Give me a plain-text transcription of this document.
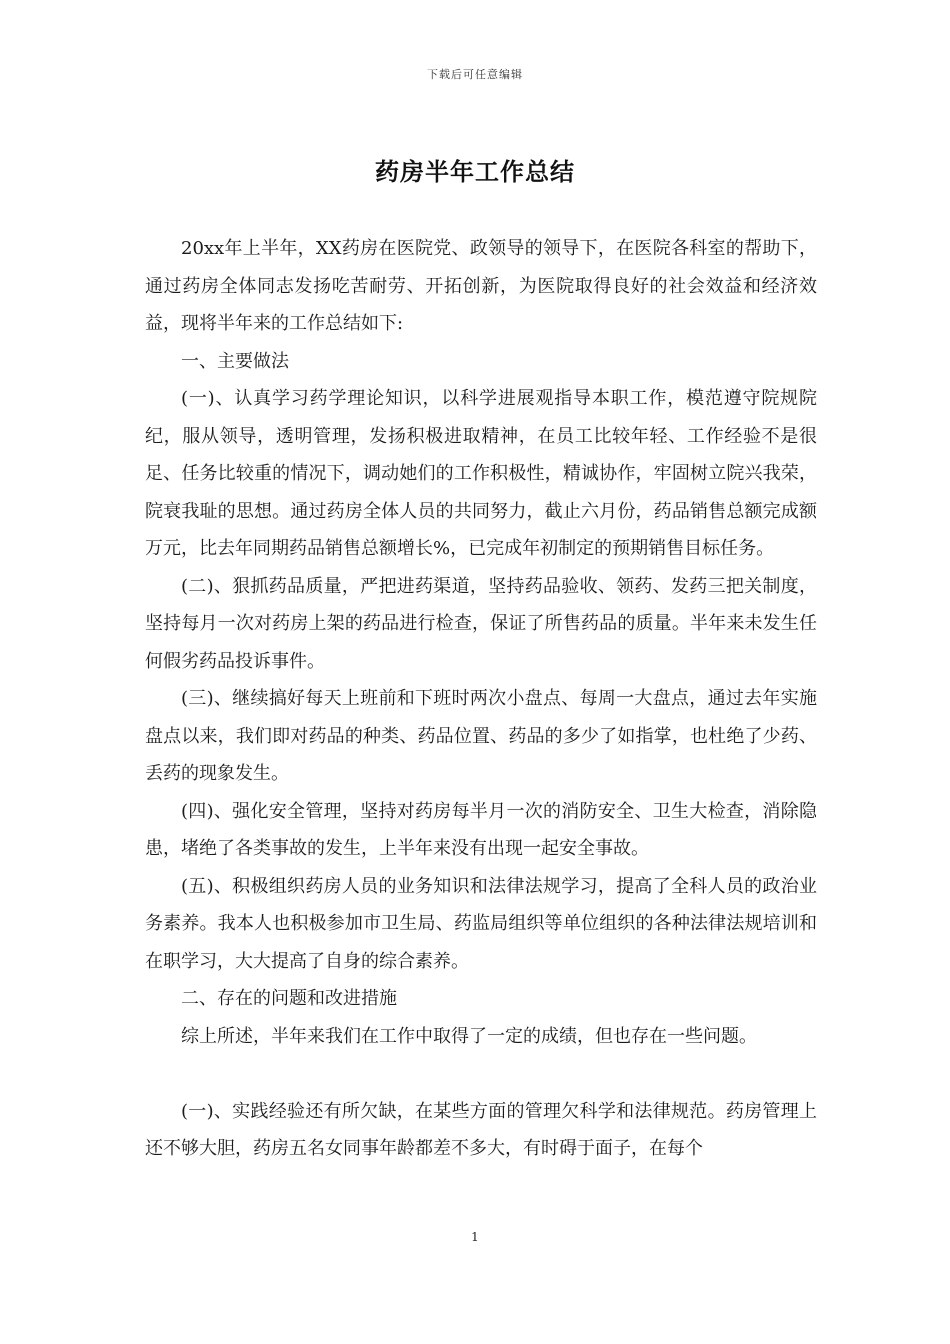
下载后可任意编辑
药房半年工作总结

20xx年上半年，XX药房在医院党、政领导的领导下，在医院各科室的帮助下，通过药房全体同志发扬吃苦耐劳、开拓创新，为医院取得良好的社会效益和经济效益，现将半年来的工作总结如下:

一、主要做法

(一)、认真学习药学理论知识，以科学进展观指导本职工作，模范遵守院规院纪，服从领导，透明管理，发扬积极进取精神，在员工比较年轻、工作经验不是很足、任务比较重的情况下，调动她们的工作积极性，精诚协作，牢固树立院兴我荣，院衰我耻的思想。通过药房全体人员的共同努力，截止六月份，药品销售总额完成额万元，比去年同期药品销售总额增长%，已完成年初制定的预期销售目标任务。

(二)、狠抓药品质量，严把进药渠道，坚持药品验收、领药、发药三把关制度，坚持每月一次对药房上架的药品进行检查，保证了所售药品的质量。半年来未发生任何假劣药品投诉事件。

(三)、继续搞好每天上班前和下班时两次小盘点、每周一大盘点，通过去年实施盘点以来，我们即对药品的种类、药品位置、药品的多少了如指掌，也杜绝了少药、丢药的现象发生。

(四)、强化安全管理，坚持对药房每半月一次的消防安全、卫生大检查，消除隐患，堵绝了各类事故的发生，上半年来没有出现一起安全事故。

(五)、积极组织药房人员的业务知识和法律法规学习，提高了全科人员的政治业务素养。我本人也积极参加市卫生局、药监局组织等单位组织的各种法律法规培训和在职学习，大大提高了自身的综合素养。

二、存在的问题和改进措施

综上所述，半年来我们在工作中取得了一定的成绩，但也存在一些问题。

(一)、实践经验还有所欠缺，在某些方面的管理欠科学和法律规范。药房管理上还不够大胆，药房五名女同事年龄都差不多大，有时碍于面子，在每个

1
